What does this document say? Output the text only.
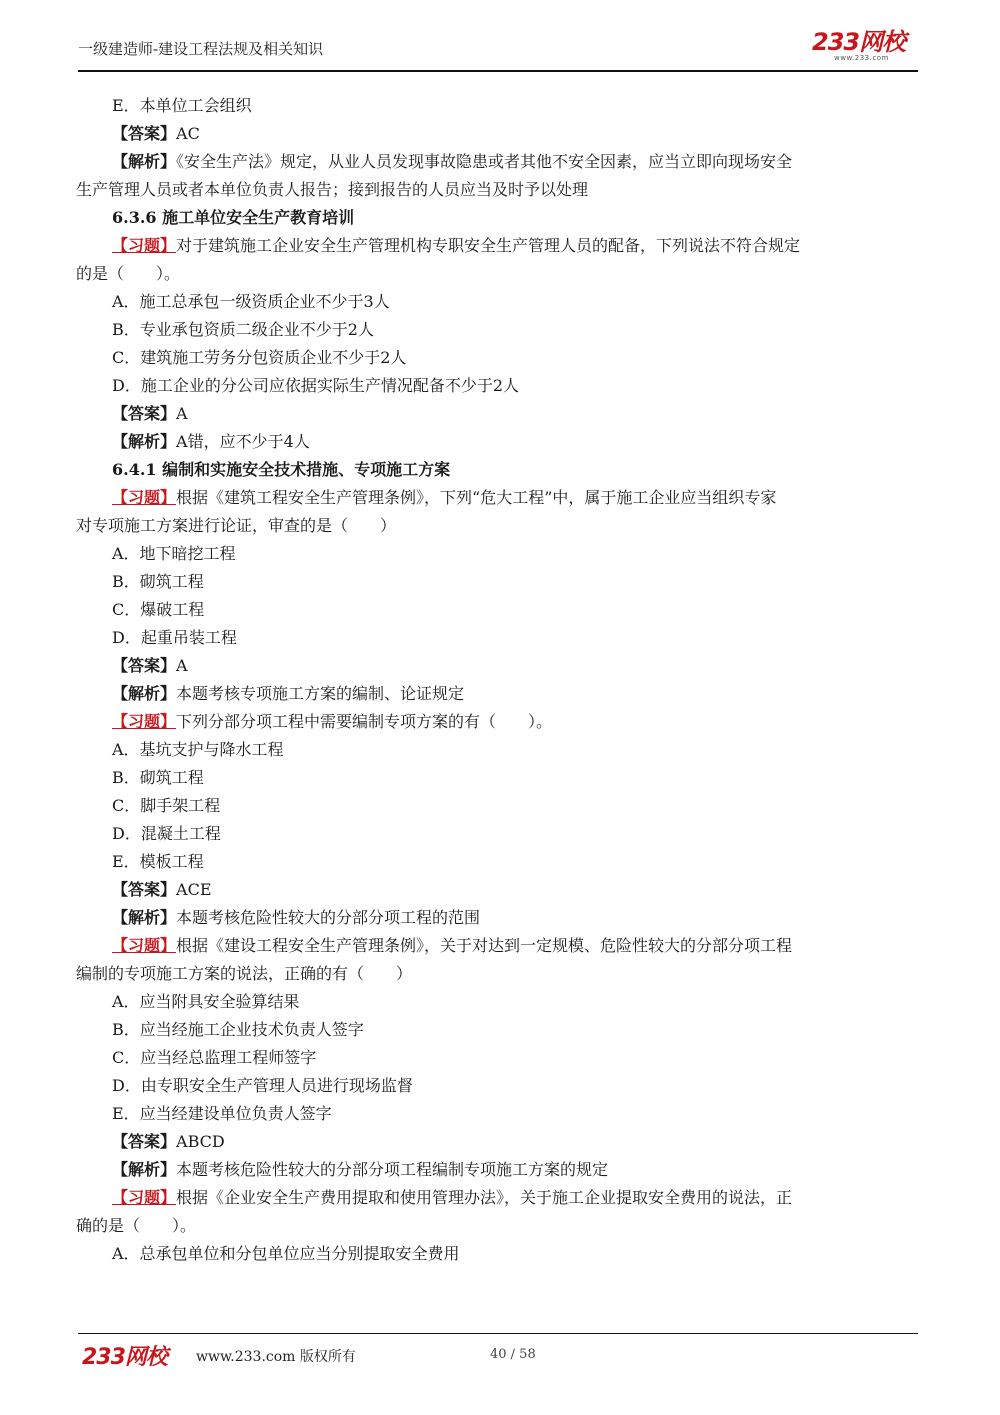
一级建造师-建设工程法规及相关知识	233网校
www.233.com
E．本单位工会组织
【答案】AC
【解析】《安全生产法》规定，从业人员发现事故隐患或者其他不安全因素，应当立即向现场安全
生产管理人员或者本单位负责人报告；接到报告的人员应当及时予以处理
6.3.6 施工单位安全生产教育培训
【习题】对于建筑施工企业安全生产管理机构专职安全生产管理人员的配备，下列说法不符合规定
的是（　　）。
A．施工总承包一级资质企业不少于3人
B．专业承包资质二级企业不少于2人
C．建筑施工劳务分包资质企业不少于2人
D．施工企业的分公司应依据实际生产情况配备不少于2人
【答案】A
【解析】A错，应不少于4人
6.4.1 编制和实施安全技术措施、专项施工方案
【习题】根据《建筑工程安全生产管理条例》，下列“危大工程”中，属于施工企业应当组织专家
对专项施工方案进行论证，审查的是（　　）
A．地下暗挖工程
B．砌筑工程
C．爆破工程
D．起重吊装工程
【答案】A
【解析】本题考核专项施工方案的编制、论证规定
【习题】下列分部分项工程中需要编制专项方案的有（　　）。
A．基坑支护与降水工程
B．砌筑工程
C．脚手架工程
D．混凝土工程
E．模板工程
【答案】ACE
【解析】本题考核危险性较大的分部分项工程的范围
【习题】根据《建设工程安全生产管理条例》，关于对达到一定规模、危险性较大的分部分项工程
编制的专项施工方案的说法，正确的有（　　）
A．应当附具安全验算结果
B．应当经施工企业技术负责人签字
C．应当经总监理工程师签字
D．由专职安全生产管理人员进行现场监督
E．应当经建设单位负责人签字
【答案】ABCD
【解析】本题考核危险性较大的分部分项工程编制专项施工方案的规定
【习题】根据《企业安全生产费用提取和使用管理办法》，关于施工企业提取安全费用的说法，正
确的是（　　）。
A．总承包单位和分包单位应当分别提取安全费用
233网校 www.233.com 版权所有	40 / 58
